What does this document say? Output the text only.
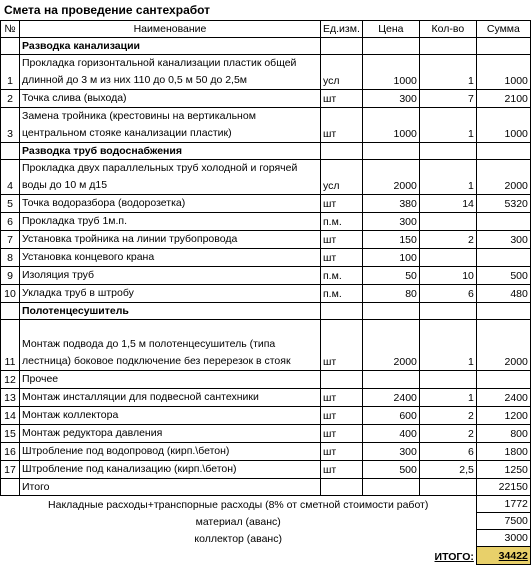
Смета на проведение сантехработ
№	Наименование	Ед.изм.	Цена	Кол-во	Сумма
	Разводка канализации				
1	Прокладка горизонтальной канализации пластик общей длинной до 3 м из них 110 до 0,5 м 50 до 2,5м	усл	1000	1	1000
2	Точка слива (выхода)	шт	300	7	2100
3	Замена тройника (крестовины на вертикальном центральном стояке канализации пластик)	шт	1000	1	1000
	Разводка труб водоснабжения				
4	Прокладка двух параллельных труб холодной и горячей воды до 10 м д15	усл	2000	1	2000
5	Точка водоразбора (водорозетка)	шт	380	14	5320
6	Прокладка труб 1м.п.	п.м.	300		
7	Установка тройника на линии трубопровода	шт	150	2	300
8	Установка концевого крана	шт	100		
9	Изоляция труб	п.м.	50	10	500
10	Укладка труб в штробу	п.м.	80	6	480
	Полотенцесушитель				
11	Монтаж подвода до 1,5 м полотенцесушитель (типа лестница) боковое подключение без перерезок в стояк	шт	2000	1	2000
12	Прочее				
13	Монтаж инсталляции для подвесной сантехники	шт	2400	1	2400
14	Монтаж коллектора	шт	600	2	1200
15	Монтаж редуктора давления	шт	400	2	800
16	Штробление под водопровод (кирп.\бетон)	шт	300	6	1800
17	Штробление под канализацию (кирп.\бетон)	шт	500	2,5	1250
	Итого				22150
Накладные расходы+транспорные расходы (8% от сметной стоимости работ)					1772
материал (аванс)					7500
коллектор (аванс)					3000
				ИТОГО:	34422
